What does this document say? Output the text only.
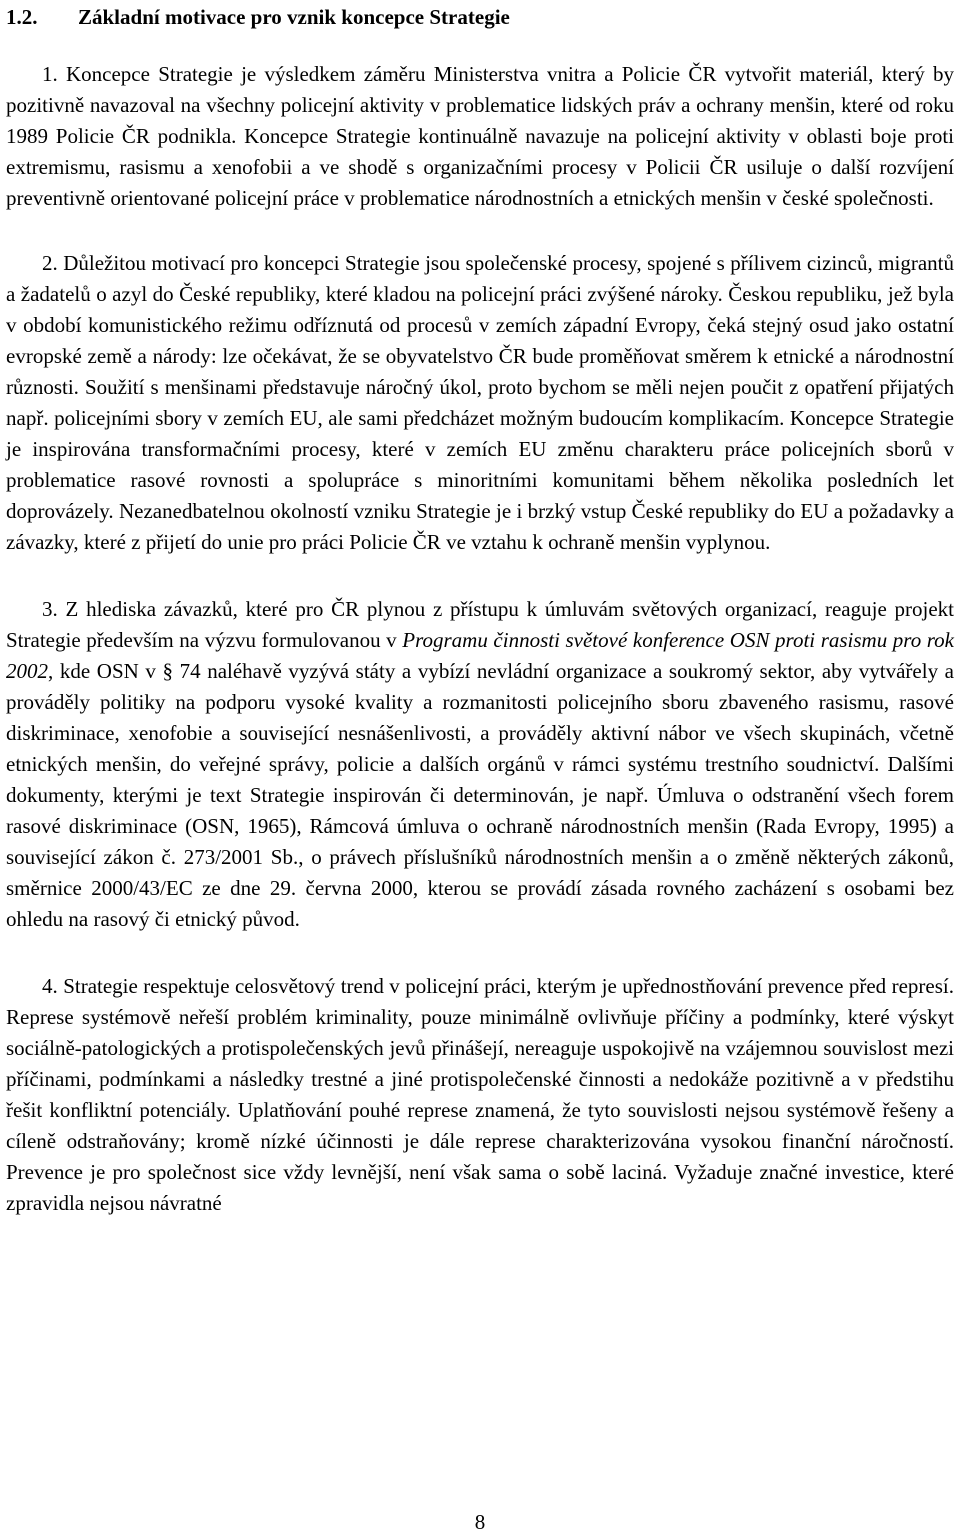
1.2. Základní motivace pro vznik koncepce Strategie

1. Koncepce Strategie je výsledkem záměru Ministerstva vnitra a Policie ČR vytvořit materiál, který by pozitivně navazoval na všechny policejní aktivity v problematice lidských práv a ochrany menšin, které od roku 1989 Policie ČR podnikla. Koncepce Strategie kontinuálně navazuje na policejní aktivity v oblasti boje proti extremismu, rasismu a xenofobii a ve shodě s organizačními procesy v Policii ČR usiluje o další rozvíjení preventivně orientované policejní práce v problematice národnostních a etnických menšin v české společnosti.

2. Důležitou motivací pro koncepci Strategie jsou společenské procesy, spojené s přílivem cizinců, migrantů a žadatelů o azyl do České republiky, které kladou na policejní práci zvýšené nároky. Českou republiku, jež byla v období komunistického režimu odříznutá od procesů v zemích západní Evropy, čeká stejný osud jako ostatní evropské země a národy: lze očekávat, že se obyvatelstvo ČR bude proměňovat směrem k etnické a národnostní různosti. Soužití s menšinami představuje náročný úkol, proto bychom se měli nejen poučit z opatření přijatých např. policejními sbory v zemích EU, ale sami předcházet možným budoucím komplikacím. Koncepce Strategie je inspirována transformačními procesy, které v zemích EU změnu charakteru práce policejních sborů v problematice rasové rovnosti a spolupráce s minoritními komunitami během několika posledních let doprovázely. Nezanedbatelnou okolností vzniku Strategie je i brzký vstup České republiky do EU a požadavky a závazky, které z přijetí do unie pro práci Policie ČR ve vztahu k ochraně menšin vyplynou.

3. Z hlediska závazků, které pro ČR plynou z přístupu k úmluvám světových organizací, reaguje projekt Strategie především na výzvu formulovanou v Programu činnosti světové konference OSN proti rasismu pro rok 2002, kde OSN v § 74 naléhavě vyzývá státy a vybízí nevládní organizace a soukromý sektor, aby vytvářely a prováděly politiky na podporu vysoké kvality a rozmanitosti policejního sboru zbaveného rasismu, rasové diskriminace, xenofobie a související nesnášenlivosti, a prováděly aktivní nábor ve všech skupinách, včetně etnických menšin, do veřejné správy, policie a dalších orgánů v rámci systému trestního soudnictví. Dalšími dokumenty, kterými je text Strategie inspirován či determinován, je např. Úmluva o odstranění všech forem rasové diskriminace (OSN, 1965), Rámcová úmluva o ochraně národnostních menšin (Rada Evropy, 1995) a související zákon č. 273/2001 Sb., o právech příslušníků národnostních menšin a o změně některých zákonů, směrnice 2000/43/EC ze dne 29. června 2000, kterou se provádí zásada rovného zacházení s osobami bez ohledu na rasový či etnický původ.

4. Strategie respektuje celosvětový trend v policejní práci, kterým je upřednostňování prevence před represí. Represe systémově neřeší problém kriminality, pouze minimálně ovlivňuje příčiny a podmínky, které výskyt sociálně-patologických a protispolečenských jevů přinášejí, nereaguje uspokojivě na vzájemnou souvislost mezi příčinami, podmínkami a následky trestné a jiné protispolečenské činnosti a nedokáže pozitivně a v předstihu řešit konfliktní potenciály. Uplatňování pouhé represe znamená, že tyto souvislosti nejsou systémově řešeny a cíleně odstraňovány; kromě nízké účinnosti je dále represe charakterizována vysokou finanční náročností. Prevence je pro společnost sice vždy levnější, není však sama o sobě laciná. Vyžaduje značné investice, které zpravidla nejsou návratné

8
